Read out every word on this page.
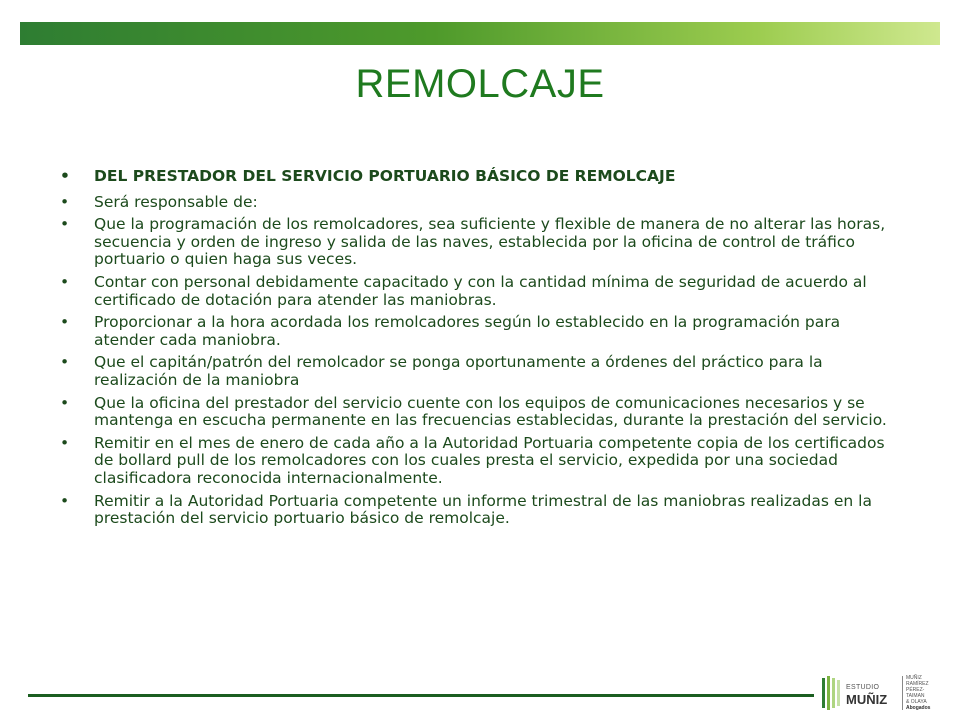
REMOLCAJE
• DEL PRESTADOR DEL SERVICIO PORTUARIO BÁSICO DE REMOLCAJE
• Será responsable de:
• Que la programación de los remolcadores, sea suficiente y flexible de manera de no alterar las horas, secuencia y orden de ingreso y salida de las naves, establecida por la oficina de control de tráfico portuario o quien haga sus veces.
• Contar con personal debidamente capacitado y con la cantidad mínima de seguridad de acuerdo al certificado de dotación para atender las maniobras.
• Proporcionar a la hora acordada los remolcadores según lo establecido en la programación para atender cada maniobra.
• Que el capitán/patrón del remolcador se ponga oportunamente a órdenes del práctico para la realización de la maniobra
• Que la oficina del prestador del servicio cuente con los equipos de comunicaciones necesarios y se mantenga en escucha permanente en las frecuencias establecidas, durante la prestación del servicio.
• Remitir en el mes de enero de cada año a la Autoridad Portuaria competente copia de los certificados de bollard pull de los remolcadores con los cuales presta el servicio, expedida por una sociedad clasificadora reconocida internacionalmente.
• Remitir a la Autoridad Portuaria competente un informe trimestral de las maniobras realizadas en la prestación del servicio portuario básico de remolcaje.
ESTUDIO
MUÑIZ
MUÑIZ
RAMÍREZ
PÉREZ-TAIMAN
& OLAYA
Abogados
